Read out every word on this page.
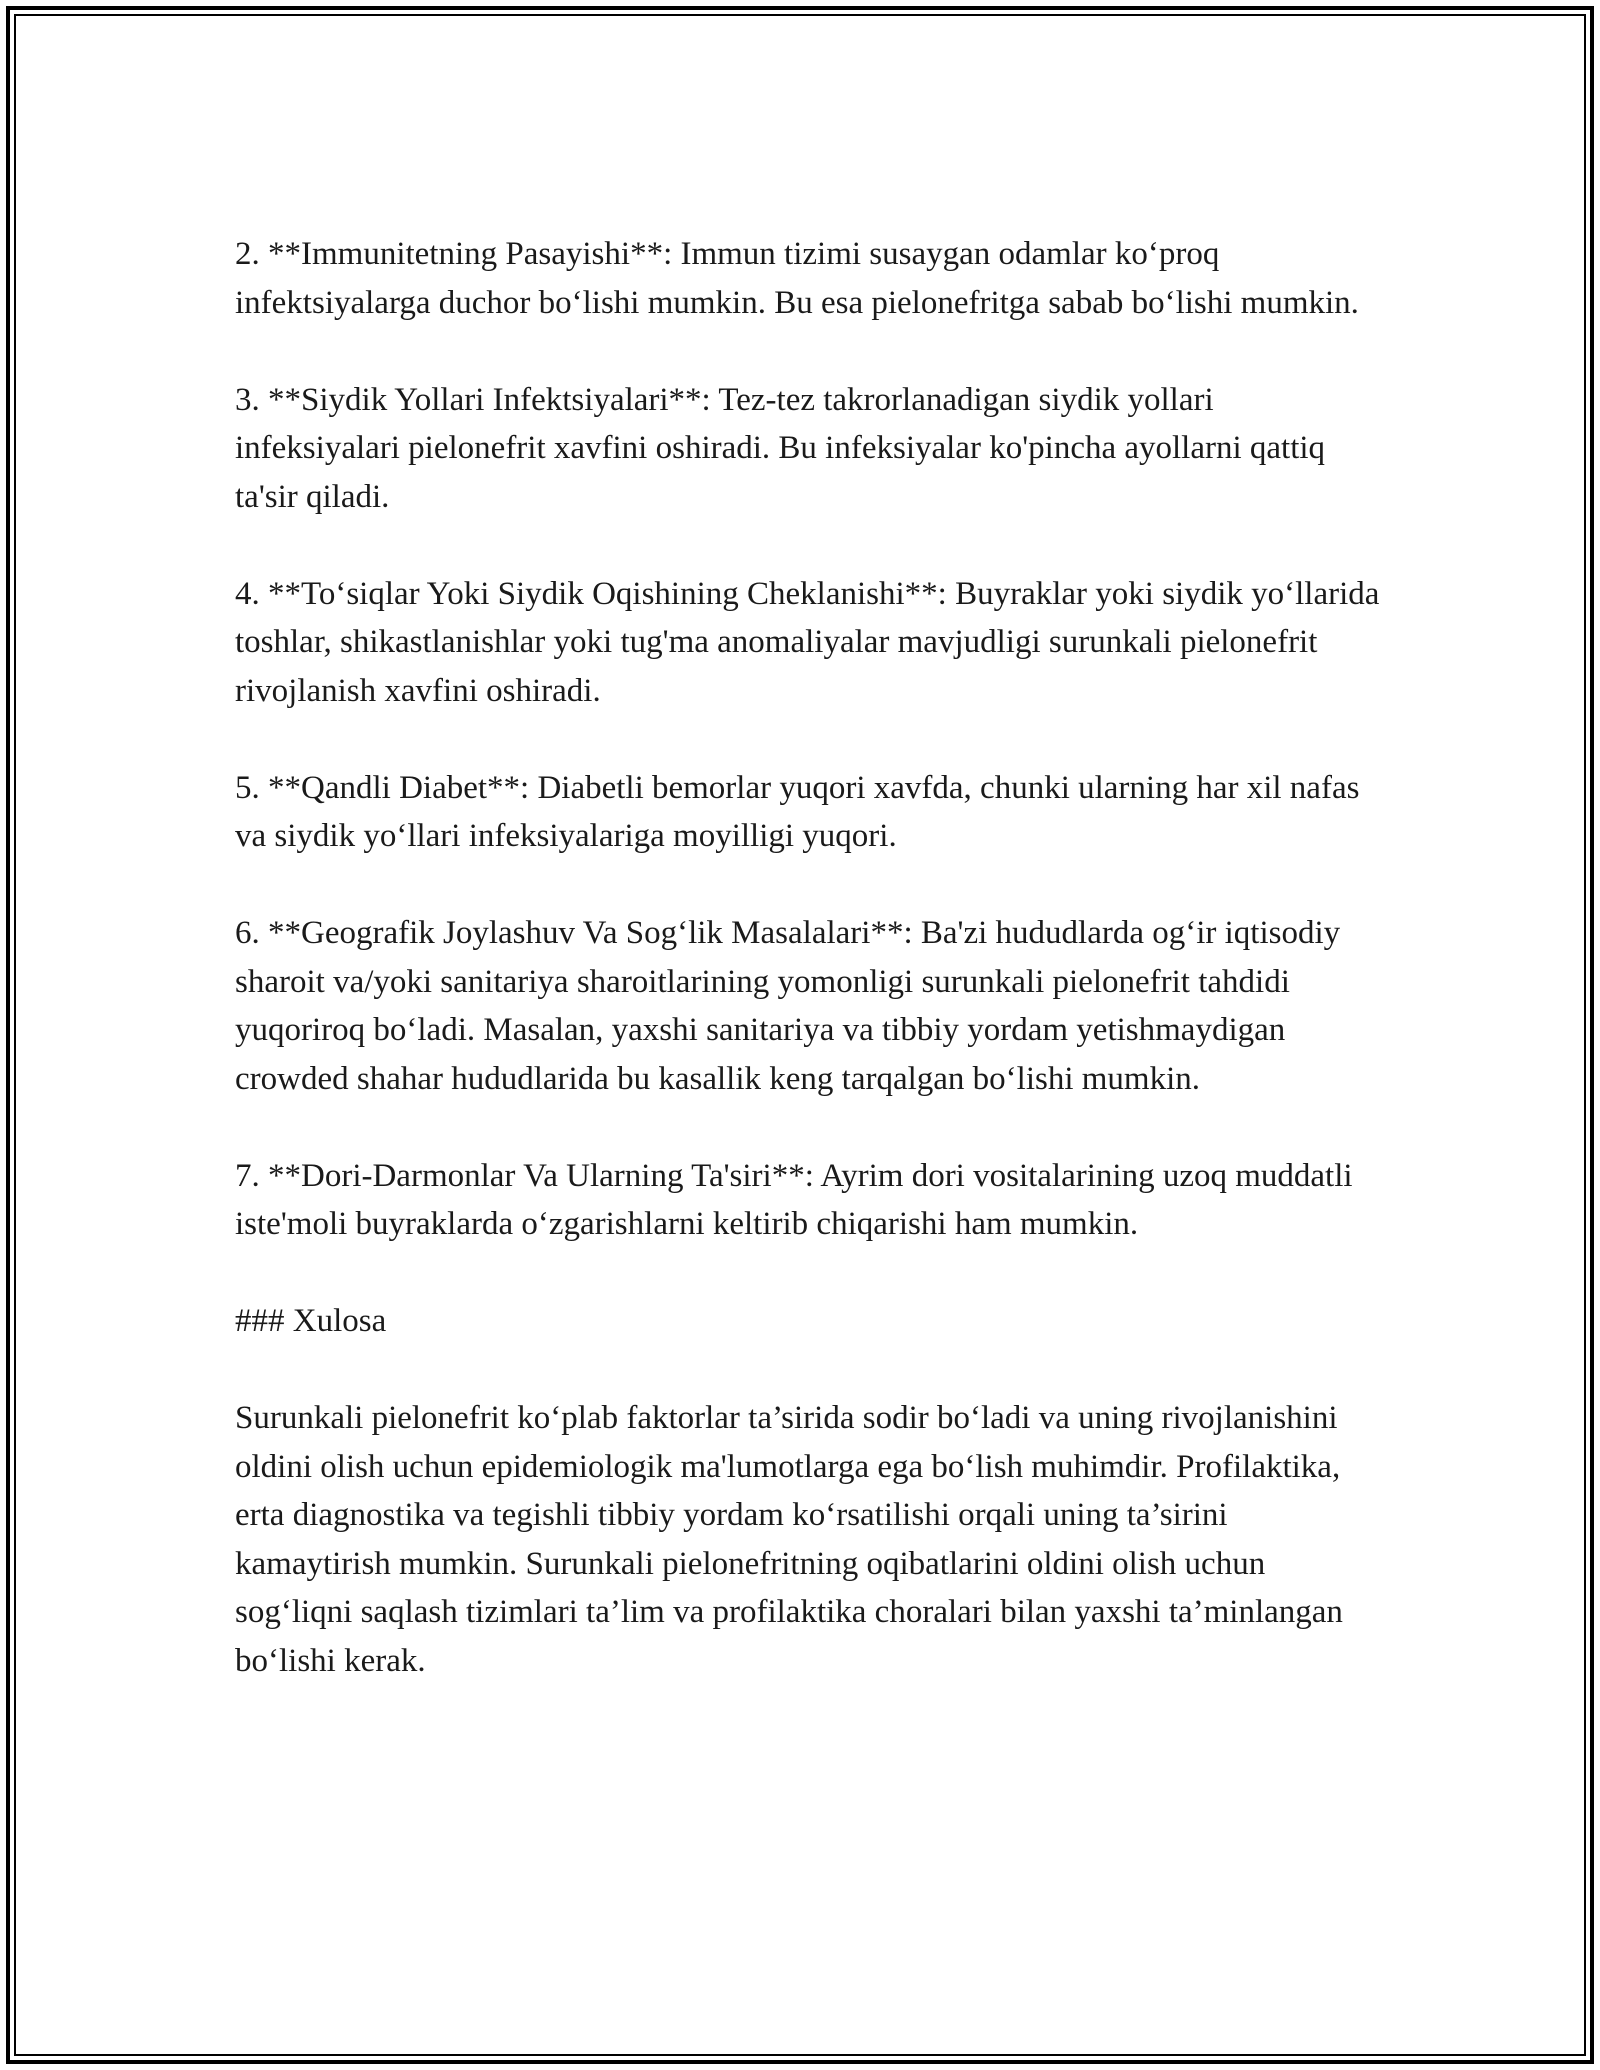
2. **Immunitetning Pasayishi**: Immun tizimi susaygan odamlar ko‘proq infektsiyalarga duchor bo‘lishi mumkin. Bu esa pielonefritga sabab bo‘lishi mumkin.

3. **Siydik Yollari Infektsiyalari**: Tez-tez takrorlanadigan siydik yollari infeksiyalari pielonefrit xavfini oshiradi. Bu infeksiyalar ko'pincha ayollarni qattiq ta'sir qiladi.

4. **To‘siqlar Yoki Siydik Oqishining Cheklanishi**: Buyraklar yoki siydik yo‘llarida toshlar, shikastlanishlar yoki tug'ma anomaliyalar mavjudligi surunkali pielonefrit rivojlanish xavfini oshiradi.

5. **Qandli Diabet**: Diabetli bemorlar yuqori xavfda, chunki ularning har xil nafas va siydik yo‘llari infeksiyalariga moyilligi yuqori.

6. **Geografik Joylashuv Va Sog‘lik Masalalari**: Ba'zi hududlarda og‘ir iqtisodiy sharoit va/yoki sanitariya sharoitlarining yomonligi surunkali pielonefrit tahdidi yuqoriroq bo‘ladi. Masalan, yaxshi sanitariya va tibbiy yordam yetishmaydigan crowded shahar hududlarida bu kasallik keng tarqalgan bo‘lishi mumkin.

7. **Dori-Darmonlar Va Ularning Ta'siri**: Ayrim dori vositalarining uzoq muddatli iste'moli buyraklarda o‘zgarishlarni keltirib chiqarishi ham mumkin.

### Xulosa

Surunkali pielonefrit ko‘plab faktorlar ta’sirida sodir bo‘ladi va uning rivojlanishini oldini olish uchun epidemiologik ma'lumotlarga ega bo‘lish muhimdir. Profilaktika, erta diagnostika va tegishli tibbiy yordam ko‘rsatilishi orqali uning ta’sirini kamaytirish mumkin. Surunkali pielonefritning oqibatlarini oldini olish uchun sog‘liqni saqlash tizimlari ta’lim va profilaktika choralari bilan yaxshi ta’minlangan bo‘lishi kerak.
